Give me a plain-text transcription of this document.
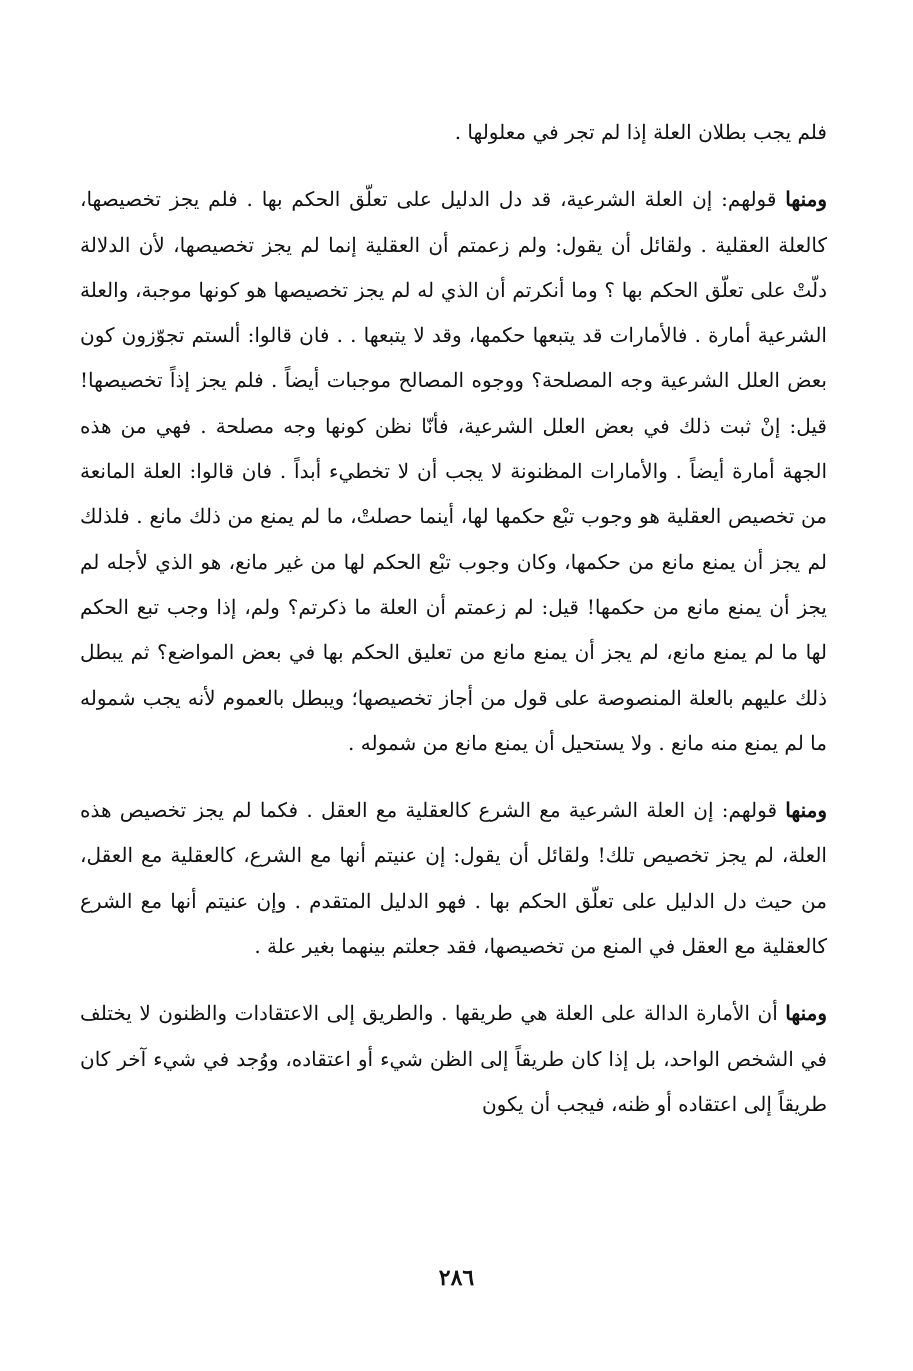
فلم يجب بطلان العلة إذا لم تجر في معلولها .

ومنها قولهم: إن العلة الشرعية، قد دل الدليل على تعلّق الحكم بها . فلم يجز تخصيصها، كالعلة العقلية . ولقائل أن يقول: ولم زعمتم أن العقلية إنما لم يجز تخصيصها، لأن الدلالة دلّتْ على تعلّق الحكم بها ؟ وما أنكرتم أن الذي له لم يجز تخصيصها هو كونها موجبة، والعلة الشرعية أمارة . فالأمارات قد يتبعها حكمها، وقد لا يتبعها . . فان قالوا: ألستم تجوّزون كون بعض العلل الشرعية وجه المصلحة؟ ووجوه المصالح موجبات أيضاً . فلم يجز إذاً تخصيصها! قيل: إنْ ثبت ذلك في بعض العلل الشرعية، فأنّا نظن كونها وجه مصلحة . فهي من هذه الجهة أمارة أيضاً . والأمارات المظنونة لا يجب أن لا تخطيء أبداً . فان قالوا: العلة المانعة من تخصيص العقلية هو وجوب تبْع حكمها لها، أينما حصلتْ، ما لم يمنع من ذلك مانع . فلذلك لم يجز أن يمنع مانع من حكمها، وكان وجوب تبْع الحكم لها من غير مانع، هو الذي لأجله لم يجز أن يمنع مانع من حكمها! قيل: لم زعمتم أن العلة ما ذكرتم؟ ولم، إذا وجب تبع الحكم لها ما لم يمنع مانع، لم يجز أن يمنع مانع من تعليق الحكم بها في بعض المواضع؟ ثم يبطل ذلك عليهم بالعلة المنصوصة على قول من أجاز تخصيصها؛ ويبطل بالعموم لأنه يجب شموله ما لم يمنع منه مانع . ولا يستحيل أن يمنع مانع من شموله .

ومنها قولهم: إن العلة الشرعية مع الشرع كالعقلية مع العقل . فكما لم يجز تخصيص هذه العلة، لم يجز تخصيص تلك! ولقائل أن يقول: إن عنيتم أنها مع الشرع، كالعقلية مع العقل، من حيث دل الدليل على تعلّق الحكم بها . فهو الدليل المتقدم . وإن عنيتم أنها مع الشرع كالعقلية مع العقل في المنع من تخصيصها، فقد جعلتم بينهما بغير علة .

ومنها أن الأمارة الدالة على العلة هي طريقها . والطريق إلى الاعتقادات والظنون لا يختلف في الشخص الواحد، بل إذا كان طريقاً إلى الظن شيء أو اعتقاده، ووُجد في شيء آخر كان طريقاً إلى اعتقاده أو ظنه، فيجب أن يكون

٢٨٦
